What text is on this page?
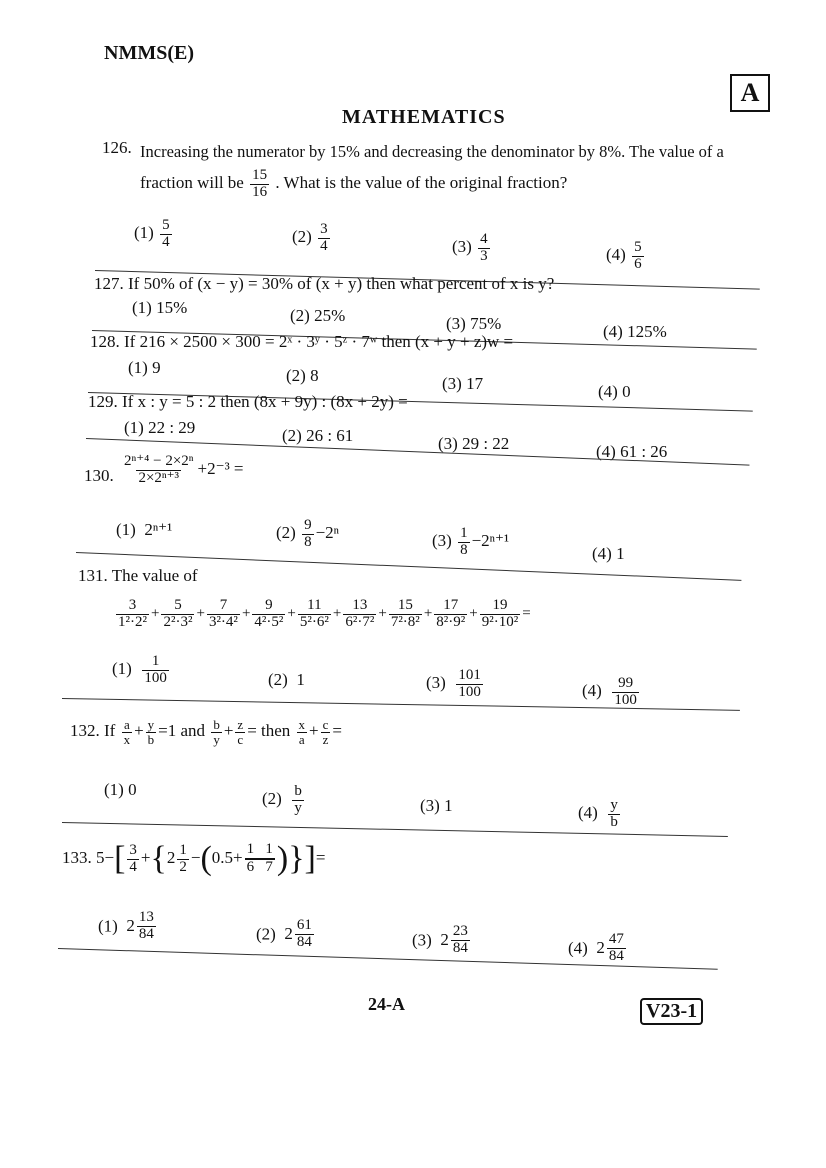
NMMS(E)
A
MATHEMATICS
126. Increasing the numerator by 15% and decreasing the denominator by 8%. The value of a
fraction will be $\frac{15}{16}$ . What is the value of the original fraction?
$(1) \frac{5}{4}$	$(2) \frac{3}{4}$	$(3) \frac{4}{3}$	$(4) \frac{5}{6}$
127. If 50% of (x − y) = 30% of (x + y) then what percent of x is y?
(1) 15%	(2) 25%	(3) 75%	(4) 125%
128. If 216 × 2500 × 300 = 2ˣ · 3ʸ · 5ᶻ · 7ʷ then (x + y + z)w =
(1) 9	(2) 8	(3) 17	(4) 0
129. If x : y = 5 : 2 then (8x + 9y) : (8x + 2y) =
(1) 22 : 29	(2) 26 : 61	(3) 29 : 22	(4) 61 : 26
130. $\frac{\text{2ⁿ⁺⁴ − 2×2ⁿ}}{\text{2×2ⁿ⁺³}} +2^{-3}$ =
(1) 2ⁿ⁺¹	$(2) \frac{9}{8} -2^n$	$(3) \frac{1}{8} -2^{n+1}$
(4) 1
131. The value of
$\frac{3}{\text{1²·2²}} + \frac{5}{\text{2²·3²}} + \frac{7}{\text{3²·4²}} + \frac{9}{\text{4²·5²}} + \frac{11}{\text{5²·6²}} + \frac{13}{\text{6²·7²}} + \frac{15}{\text{7²·8²}} + \frac{17}{\text{8²·9²}} + \frac{19}{\text{9²·10²}}$ =
$(1) \frac{1}{100}$	(2) 1	$(3) \frac{101}{100}$	$(4) \frac{99}{100}$
132. If $\frac{a}{x} + \frac{y}{b} =1$ and $\frac{b}{y} + \frac{z}{c}$ = then $\frac{x}{a} + \frac{c}{z}$ =
(1) 0	$(2) \frac{b}{y}$	(3) 1	$(4) \frac{y}{b}$
133. $5-[ \frac{3}{4} +\{2 \frac{1}{2} -(0.5+ \frac{1 1}{6 7}$ )}]=
(1) $2 \frac{13}{84}$	(2) $2 \frac{61}{84}$	(3) $2 \frac{23}{84}$	(4) $2 \frac{47}{84}$
24-A	V23-1
